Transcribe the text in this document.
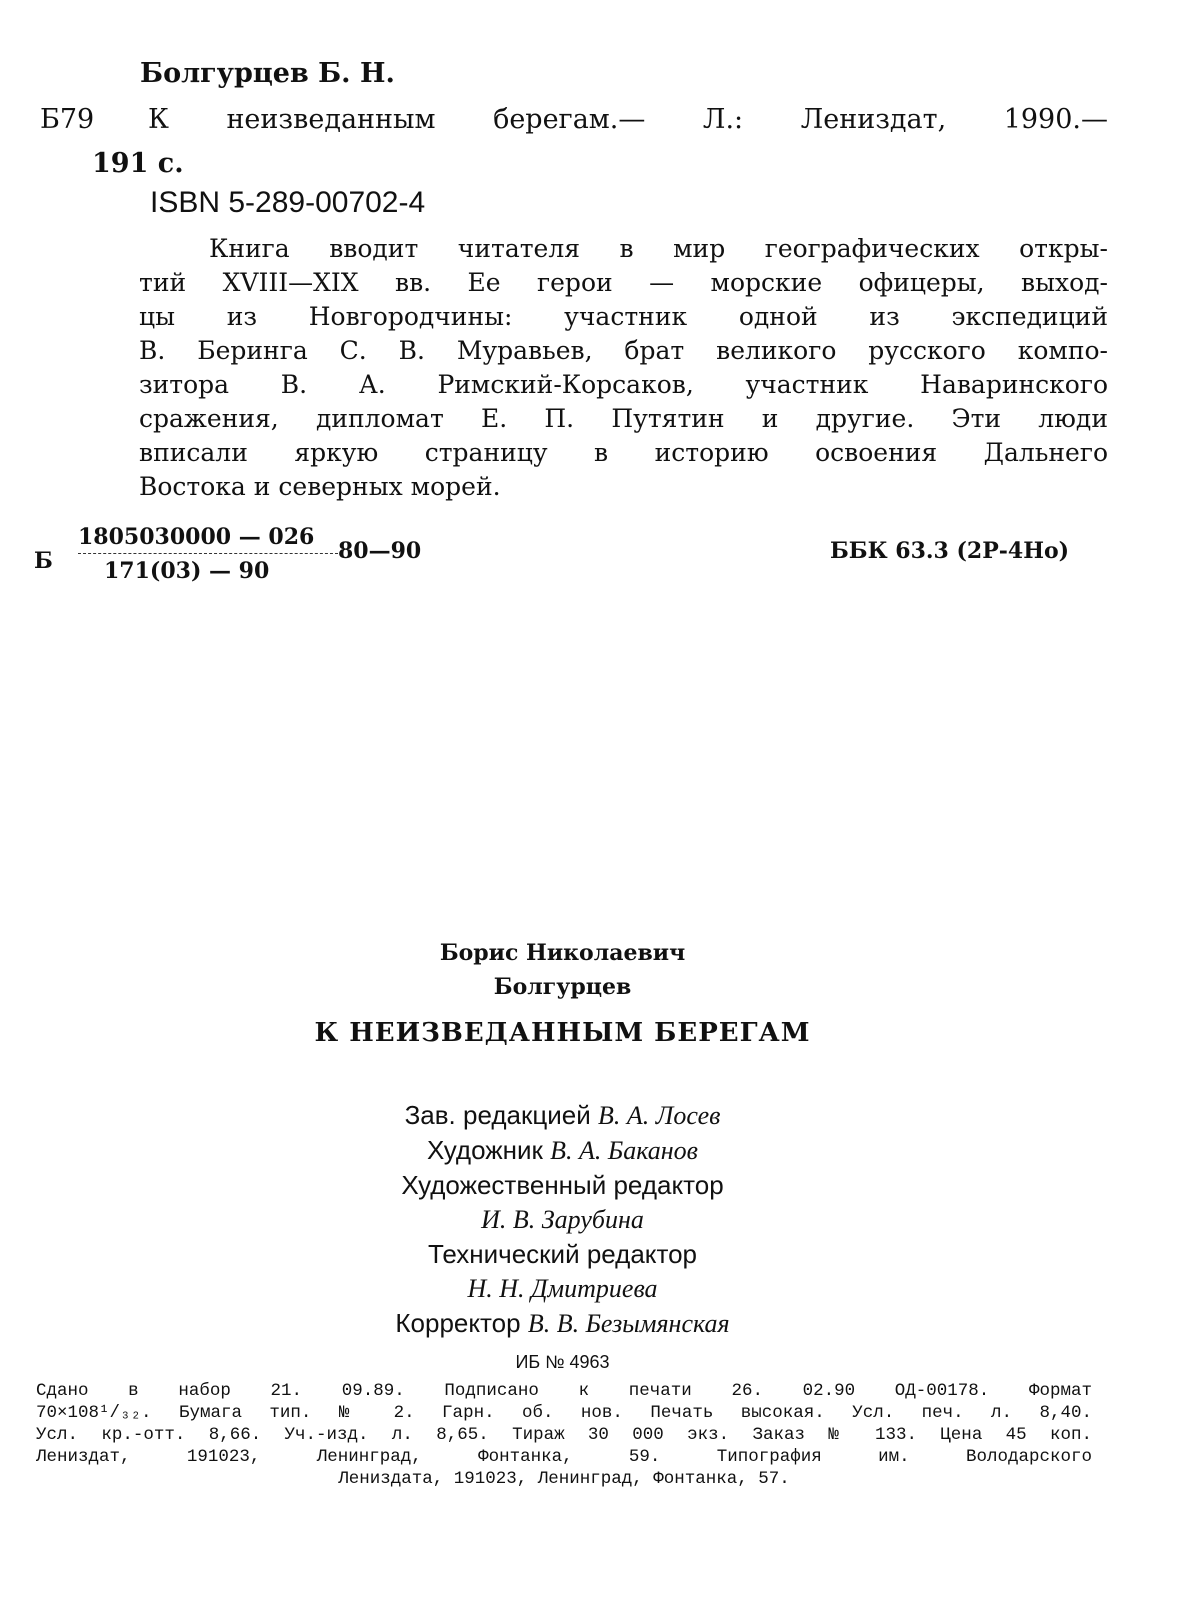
Болгурцев Б. Н.
Б79 К неизведанным берегам.— Л.: Лениздат, 1990.—
191 с.
ISBN 5-289-00702-4
Книга вводит читателя в мир географических откры-
тий XVIII—XIX вв. Ее герои — морские офицеры, выход-
цы из Новгородчины: участник одной из экспедиций
В. Беринга С. В. Муравьев, брат великого русского компо-
зитора В. А. Римский-Корсаков, участник Наваринского
сражения, дипломат Е. П. Путятин и другие. Эти люди
вписали яркую страницу в историю освоения Дальнего
Востока и северных морей.
Б
1805030000 — 026
171(03) — 90
80—90	ББК 63.3 (2Р-4Но)
Борис Николаевич
Болгурцев
К НЕИЗВЕДАННЫМ БЕРЕГАМ
Зав. редакцией В. А. Лосев
Художник В. А. Баканов
Художественный редактор
И. В. Зарубина
Технический редактор
Н. Н. Дмитриева
Корректор В. В. Безымянская
ИБ № 4963
Сдано в набор 21. 09.89. Подписано к печати 26. 02.90 ОД-00178. Формат
70×108¹/₃₂. Бумага тип. № 2. Гарн. об. нов. Печать высокая. Усл. печ. л. 8,40.
Усл. кр.-отт. 8,66. Уч.-изд. л. 8,65. Тираж 30 000 экз. Заказ № 133. Цена 45 коп.
Лениздат, 191023, Ленинград, Фонтанка, 59. Типография им. Володарского
Лениздата, 191023, Ленинград, Фонтанка, 57.
